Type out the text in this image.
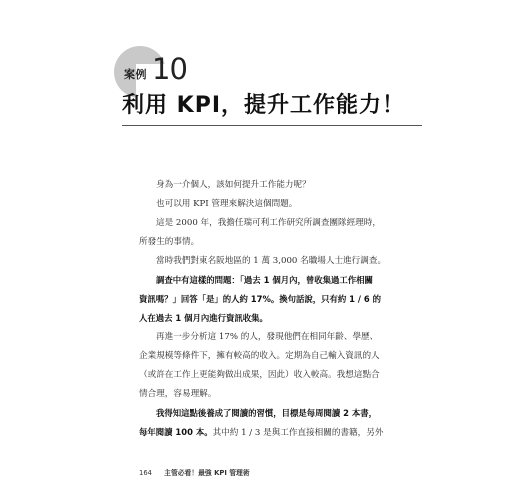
案例 10
利用 KPI，提升工作能力！
身為一介個人，該如何提升工作能力呢？
也可以用 KPI 管理來解決這個問題。
這是 2000 年，我擔任瑞可利工作研究所調查團隊經理時，
所發生的事情。
當時我們對東名阪地區的 1 萬 3,000 名職場人士進行調查。
調查中有這樣的問題：「過去 1 個月內，曾收集過工作相關
資訊嗎？」回答「是」的人約 17%。換句話說，只有約 1 / 6 的
人在過去 1 個月內進行資訊收集。
再進一步分析這 17% 的人，發現他們在相同年齡、學歷、
企業規模等條件下，擁有較高的收入。定期為自己輸入資訊的人
（或許在工作上更能夠做出成果，因此）收入較高。我想這點合
情合理，容易理解。
我得知這點後養成了閱讀的習慣，目標是每周閱讀 2 本書，
每年閱讀 100 本。其中約 1 / 3 是與工作直接相關的書籍，另外
164 主管必看！最強 KPI 管理術
